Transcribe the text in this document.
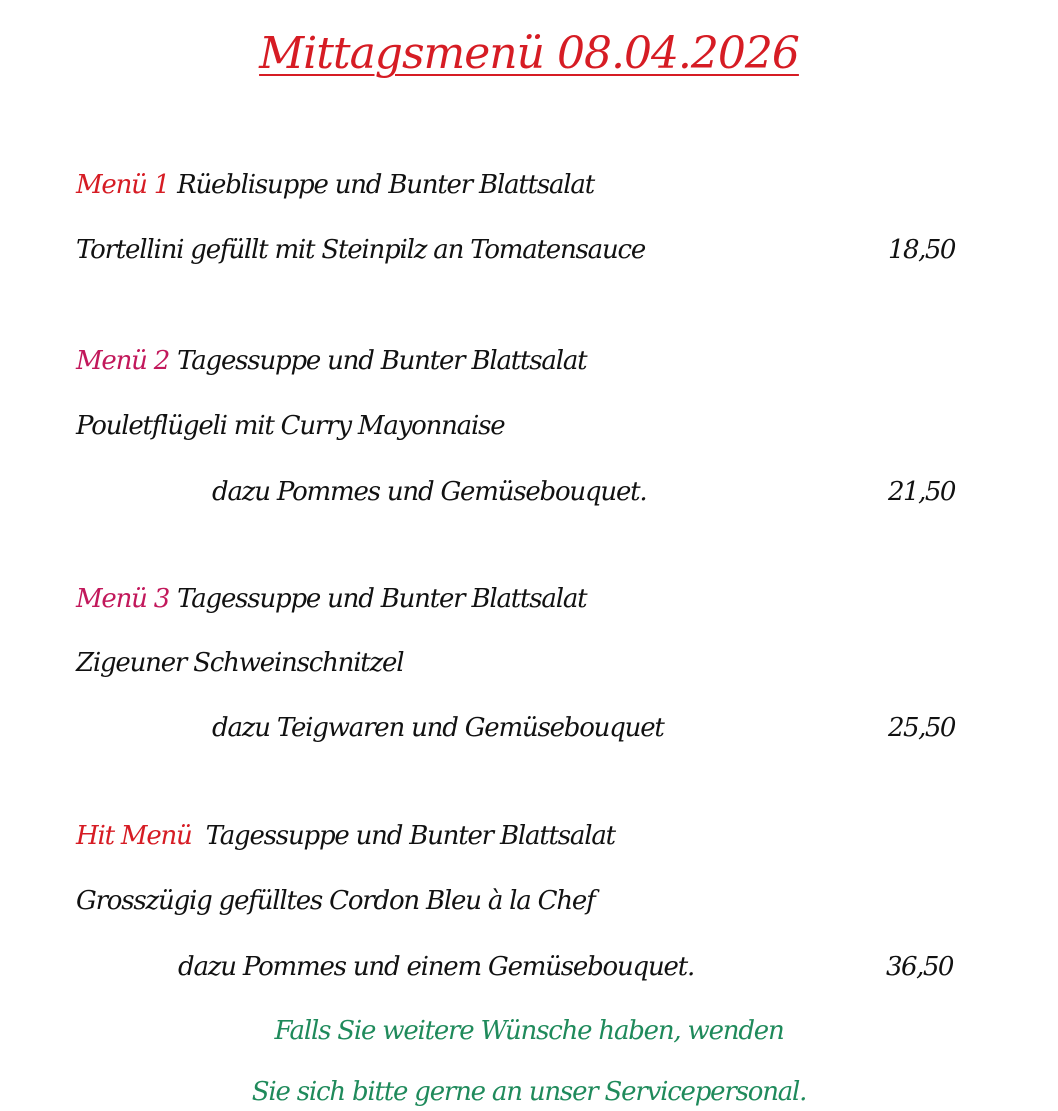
Mittagsmenü 08.04.2026
Menü 1 Rüeblisuppe und Bunter Blattsalat
Tortellini gefüllt mit Steinpilz an Tomatensauce	18,50
Menü 2 Tagessuppe und Bunter Blattsalat
Pouletflügeli mit Curry Mayonnaise
dazu Pommes und Gemüsebouquet.	21,50
Menü 3 Tagessuppe und Bunter Blattsalat
Zigeuner Schweinschnitzel
dazu Teigwaren und Gemüsebouquet	25,50
Hit Menü Tagessuppe und Bunter Blattsalat
Grosszügig gefülltes Cordon Bleu à la Chef
dazu Pommes und einem Gemüsebouquet.	36,50
Falls Sie weitere Wünsche haben, wenden
Sie sich bitte gerne an unser Servicepersonal.
